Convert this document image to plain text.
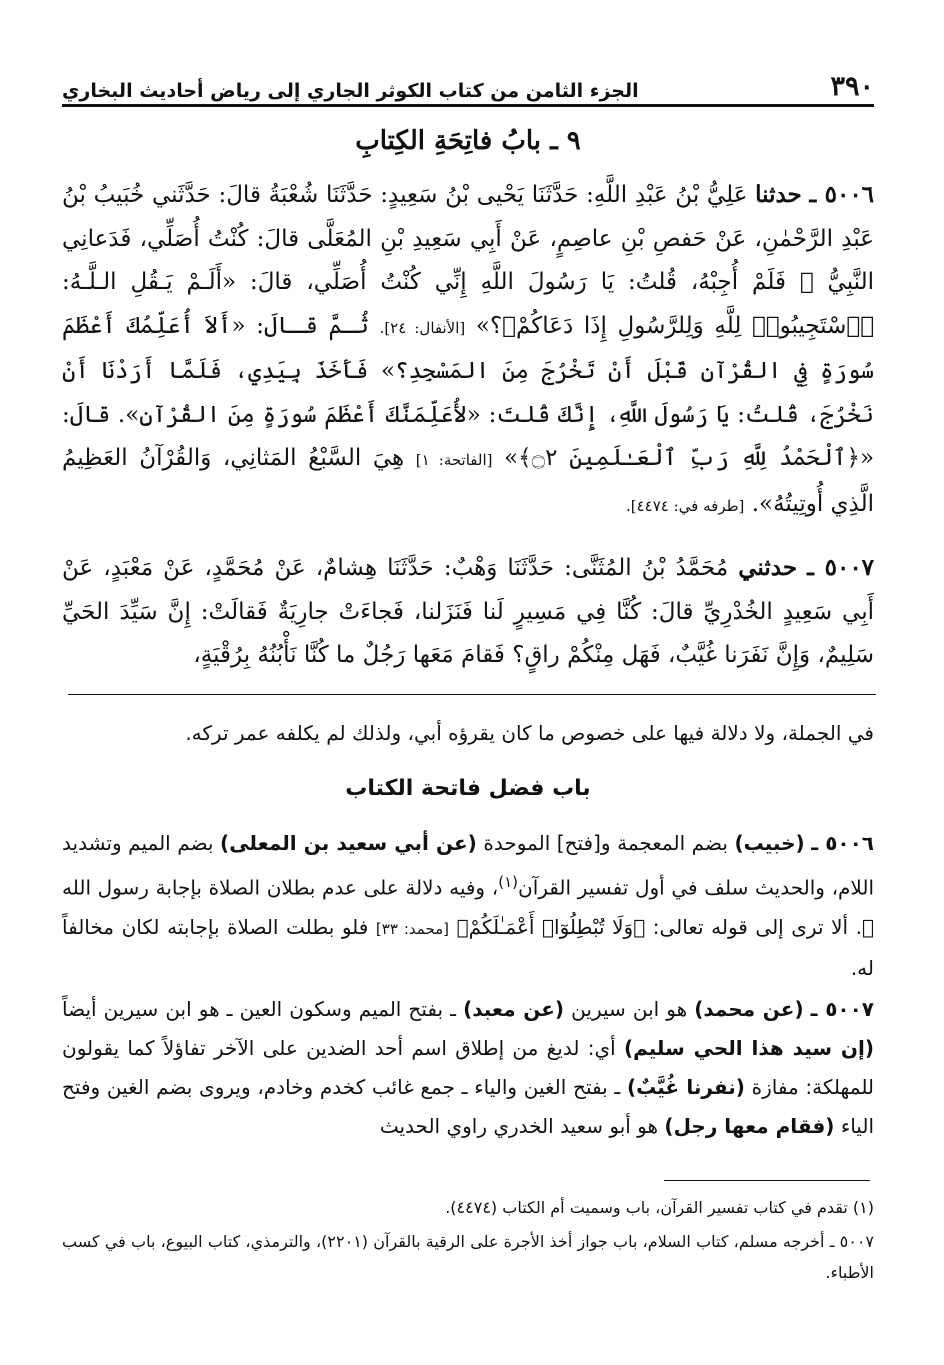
٣٩٠
الجزء الثامن من كتاب الكوثر الجاري إلى رياض أحاديث البخاري
٩ ـ بابُ فاتِحَةِ الكِتابِ
٥٠٠٦ ـ حدثنا عَلِيُّ بْنُ عَبْدِ اللَّهِ: حَدَّثَنَا يَحْيى بْنُ سَعِيدٍ: حَدَّثَنَا شُعْبَةُ قالَ: حَدَّثَني خُبَيبُ بْنُ عَبْدِ الرَّحْمٰنِ، عَنْ حَفصِ بْنِ عاصِمٍ، عَنْ أَبِي سَعِيدِ بْنِ المُعَلَّى قالَ: كُنْتُ أُصَلِّي، فَدَعانِي النَّبِيُّ ﷺ فَلَمْ أُجِبْهُ، قُلتُ: يَا رَسُولَ اللَّهِ إِنِّي كُنْتُ أُصَلِّي، قالَ: «أَلَـمْ يَـقُلِ الـلَّـهُ: ﴿ٱسْتَجِيبُوا۟ لِلَّهِ وَلِلرَّسُولِ إِذَا دَعَاكُمْ﴾؟» [الأنفال: ٢٤]. ثُـمَّ قـالَ: «أَلاَ أُعَلِّمُكَ أَعْظَمَ سُورَةٍ فِي القُرْآنِ قَبْلَ أَنْ تَخْرُجَ مِنَ المَسْجِدِ؟» فَأَخَذَ بِيَدِي، فَلَمَّا أَرَدْنَا أَنْ نَخْرُجَ، قُلتُ: يَا رَسُولَ اللَّهِ، إِنَّكَ قُلتَ: «لأُعَلِّمَنَّكَ أَعْظَمَ سُورَةٍ مِنَ القُرْآنِ». قالَ: «﴿ٱلْحَمْدُ لِلَّهِ رَبِّ ٱلْعَـٰلَمِينَ ۝٢﴾» [الفاتحة: ١] هِيَ السَّبْعُ المَثانِي، وَالقُرْآنُ العَظِيمُ الَّذِي أُوتِيتُهُ». [طرفه في: ٤٤٧٤].
٥٠٠٧ ـ حدثني مُحَمَّدُ بْنُ المُثَنَّى: حَدَّثَنَا وَهْبٌ: حَدَّثَنَا هِشامٌ، عَنْ مُحَمَّدٍ، عَنْ مَعْبَدٍ، عَنْ أَبِي سَعِيدٍ الخُدْرِيِّ قالَ: كُنَّا فِي مَسِيرٍ لَنا فَنَزَلنا، فَجاءَتْ جارِيَةٌ فَقالَتْ: إِنَّ سَيِّدَ الحَيِّ سَلِيمٌ، وَإِنَّ نَفَرَنا غُيَّبٌ، فَهَل مِنْكُمْ راقٍ؟ فَقامَ مَعَها رَجُلٌ ما كُنَّا نَأْبُنُهُ بِرُقْيَةٍ،
في الجملة، ولا دلالة فيها على خصوص ما كان يقرؤه أبي، ولذلك لم يكلفه عمر تركه.
باب فضل فاتحة الكتاب
٥٠٠٦ ـ (خبيب) بضم المعجمة و[فتح] الموحدة (عن أبي سعيد بن المعلى) بضم الميم وتشديد اللام، والحديث سلف في أول تفسير القرآن$^{(١)}$، وفيه دلالة على عدم بطلان الصلاة بإجابة رسول الله ﷺ. ألا ترى إلى قوله تعالى: ﴿وَلَا تُبْطِلُوٓا۟ أَعْمَـٰلَكُمْ﴾ [محمد: ٣٣] فلو بطلت الصلاة بإجابته لكان مخالفاً له.
٥٠٠٧ ـ (عن محمد) هو ابن سيرين (عن معبد) ـ بفتح الميم وسكون العين ـ هو ابن سيرين أيضاً (إن سيد هذا الحي سليم) أي: لديغ من إطلاق اسم أحد الضدين على الآخر تفاؤلاً كما يقولون للمهلكة: مفازة (نفرنا غُيَّبٌ) ـ بفتح الغين والياء ـ جمع غائب كخدم وخادم، ويروى بضم الغين وفتح الياء (فقام معها رجل) هو أبو سعيد الخدري راوي الحديث
(١) تقدم في كتاب تفسير القرآن، باب وسميت أم الكتاب (٤٤٧٤).
٥٠٠٧ ـ أخرجه مسلم، كتاب السلام، باب جواز أخذ الأجرة على الرقية بالقرآن (٢٢٠١)، والترمذي، كتاب البيوع، باب في كسب الأطباء.
